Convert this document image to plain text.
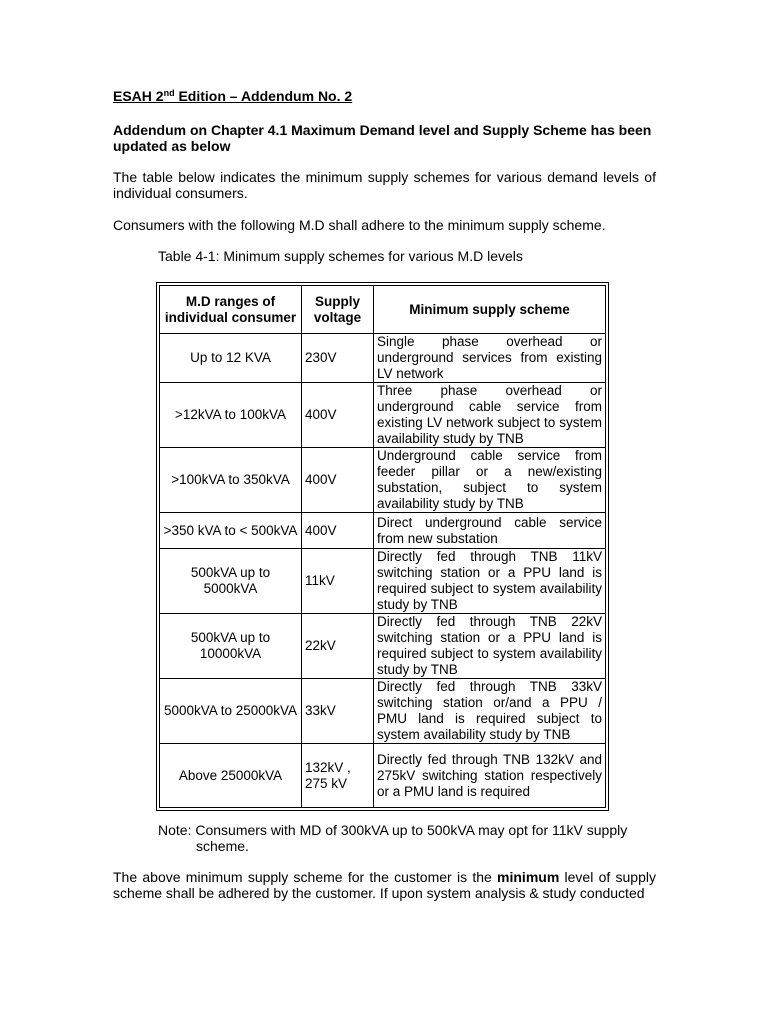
ESAH 2nd Edition – Addendum No. 2
Addendum on Chapter 4.1 Maximum Demand level and Supply Scheme has been updated as below
The table below indicates the minimum supply schemes for various demand levels of individual consumers.
Consumers with the following M.D shall adhere to the minimum supply scheme.
Table 4-1: Minimum supply schemes for various M.D levels
M.D ranges of individual consumer	Supply voltage	Minimum supply scheme
Up to 12 KVA	230V	Single phase overhead or underground services from existing LV network
>12kVA to 100kVA	400V	Three phase overhead or underground cable service from existing LV network subject to system availability study by TNB
>100kVA to 350kVA	400V	Underground cable service from feeder pillar or a new/existing substation, subject to system availability study by TNB
>350 kVA to < 500kVA	400V	Direct underground cable service from new substation
500kVA up to 5000kVA	11kV	Directly fed through TNB 11kV switching station or a PPU land is required subject to system availability study by TNB
500kVA up to 10000kVA	22kV	Directly fed through TNB 22kV switching station or a PPU land is required subject to system availability study by TNB
5000kVA to 25000kVA	33kV	Directly fed through TNB 33kV switching station or/and a PPU / PMU land is required subject to system availability study by TNB
Above 25000kVA	132kV , 275 kV	Directly fed through TNB 132kV and 275kV switching station respectively or a PMU land is required
Note: Consumers with MD of 300kVA up to 500kVA may opt for 11kV supply
scheme.
The above minimum supply scheme for the customer is the minimum level of supply scheme shall be adhered by the customer. If upon system analysis & study conducted
